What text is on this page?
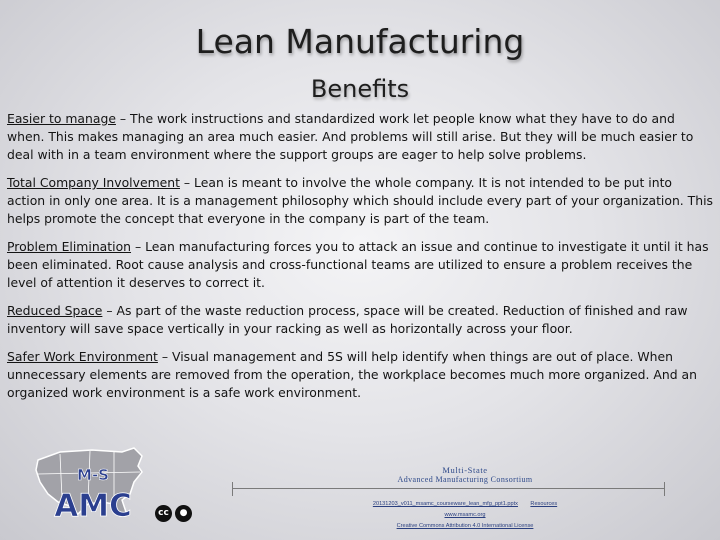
Lean Manufacturing
Benefits

Easier to manage – The work instructions and standardized work let people know what they have to do and when. This makes managing an area much easier. And problems will still arise. But they will be much easier to deal with in a team environment where the support groups are eager to help solve problems.

Total Company Involvement – Lean is meant to involve the whole company. It is not intended to be put into action in only one area. It is a management philosophy which should include every part of your organization. This helps promote the concept that everyone in the company is part of the team.

Problem Elimination – Lean manufacturing forces you to attack an issue and continue to investigate it until it has been eliminated. Root cause analysis and cross-functional teams are utilized to ensure a problem receives the level of attention it deserves to correct it.

Reduced Space – As part of the waste reduction process, space will be created. Reduction of finished and raw inventory will save space vertically in your racking as well as horizontally across your floor.

Safer Work Environment – Visual management and 5S will help identify when things are out of place. When unnecessary elements are removed from the operation, the workplace becomes much more organized. And an organized work environment is a safe work environment.

M-S
AMC	cc ●
Multi-State
Advanced Manufacturing Consortium
20131203_v011_msamc_courseware_lean_mfg_ppt1.pptx Resources
www.msamc.org
Creative Commons Attribution 4.0 International License
